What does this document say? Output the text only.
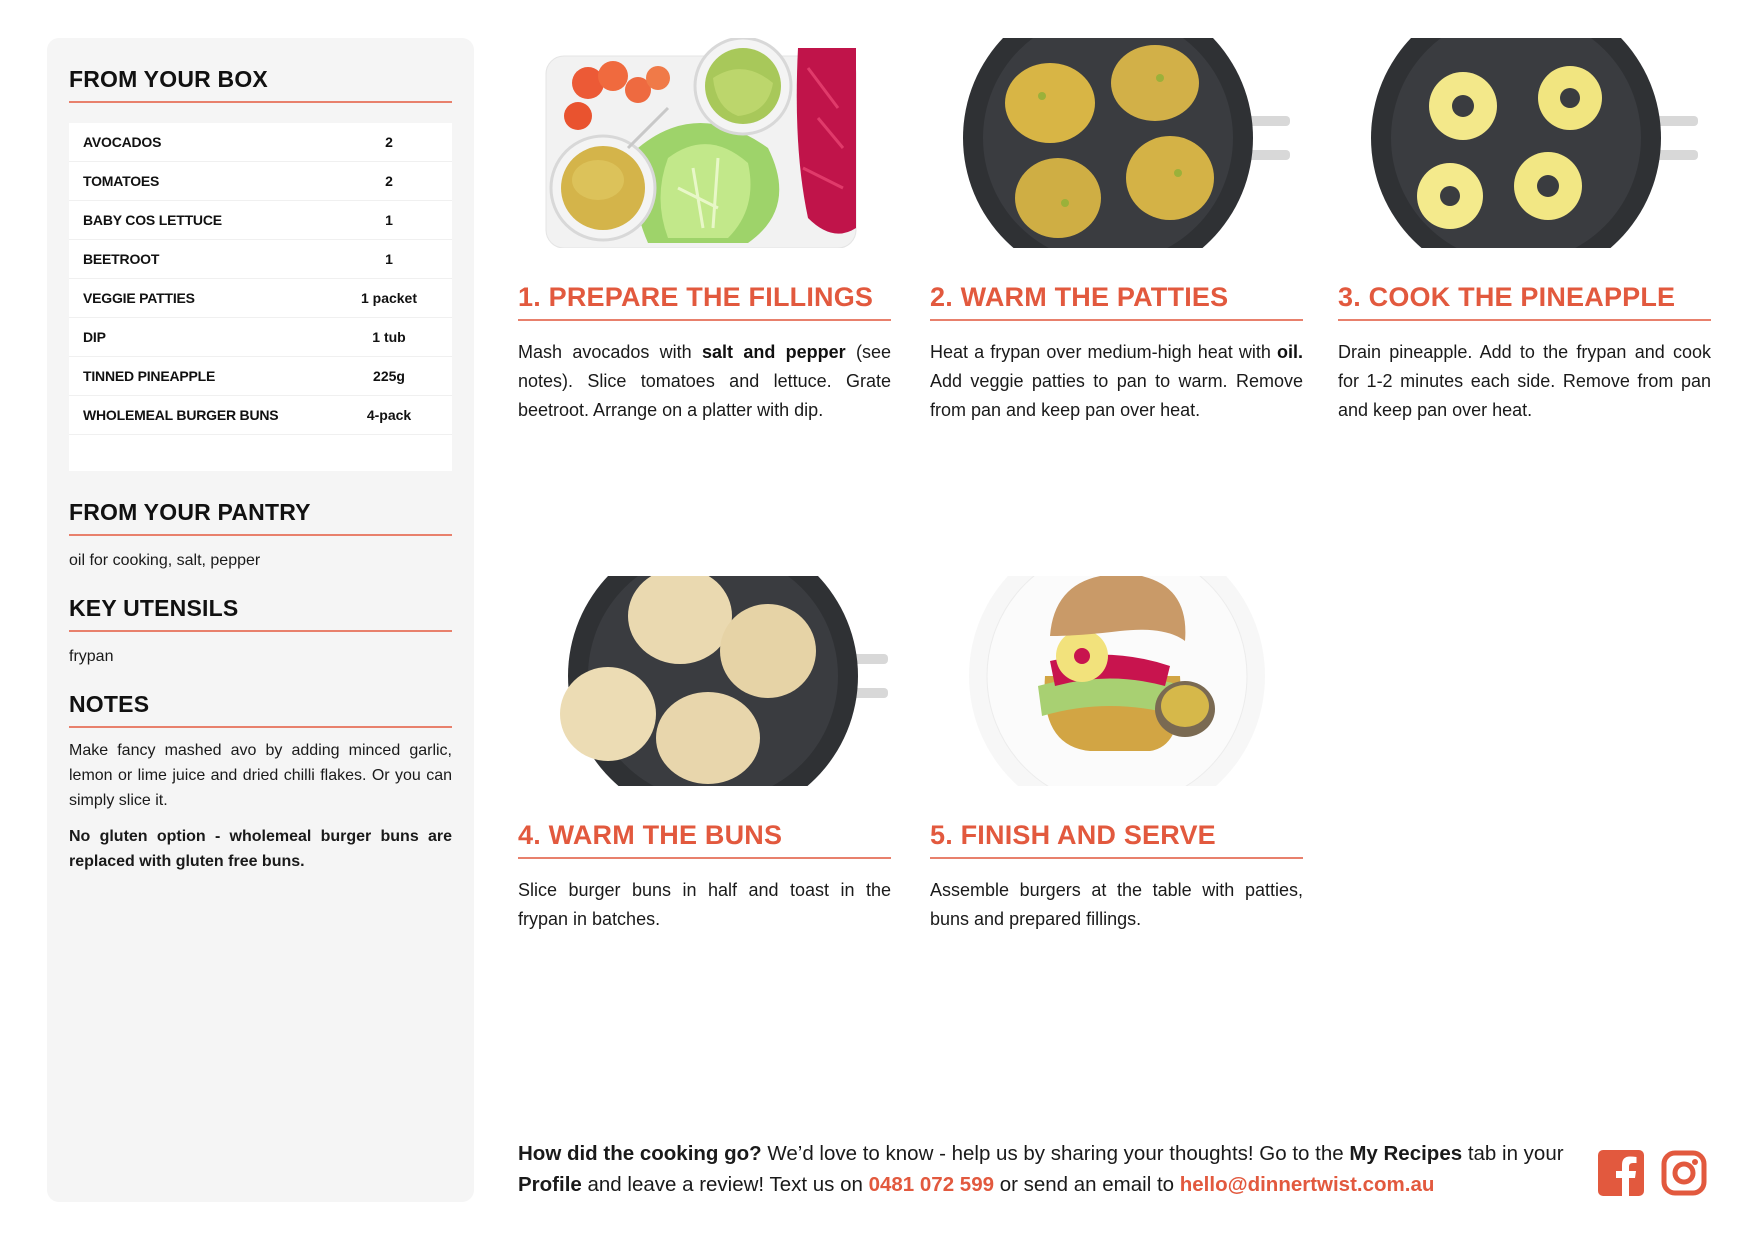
FROM YOUR BOX
AVOCADOS	2
TOMATOES	2
BABY COS LETTUCE	1
BEETROOT	1
VEGGIE PATTIES	1 packet
DIP	1 tub
TINNED PINEAPPLE	225g
WHOLEMEAL BURGER BUNS	4-pack
FROM YOUR PANTRY

oil for cooking, salt, pepper

KEY UTENSILS

frypan

NOTES

Make fancy mashed avo by adding minced garlic, lemon or lime juice and dried chilli flakes. Or you can simply slice it.

No gluten option - wholemeal burger buns are replaced with gluten free buns.

1. PREPARE THE FILLINGS
Mash avocados with salt and pepper (see notes). Slice tomatoes and lettuce. Grate beetroot. Arrange on a platter with dip.
2. WARM THE PATTIES
Heat a frypan over medium-high heat with oil. Add veggie patties to pan to warm. Remove from pan and keep pan over heat.
3. COOK THE PINEAPPLE
Drain pineapple. Add to the frypan and cook for 1-2 minutes each side. Remove from pan and keep pan over heat.
4. WARM THE BUNS
Slice burger buns in half and toast in the frypan in batches.
5. FINISH AND SERVE
Assemble burgers at the table with patties, buns and prepared fillings.
How did the cooking go? We’d love to know - help us by sharing your thoughts! Go to the My Recipes tab in your Profile and leave a review! Text us on 0481 072 599 or send an email to hello@dinnertwist.com.au
